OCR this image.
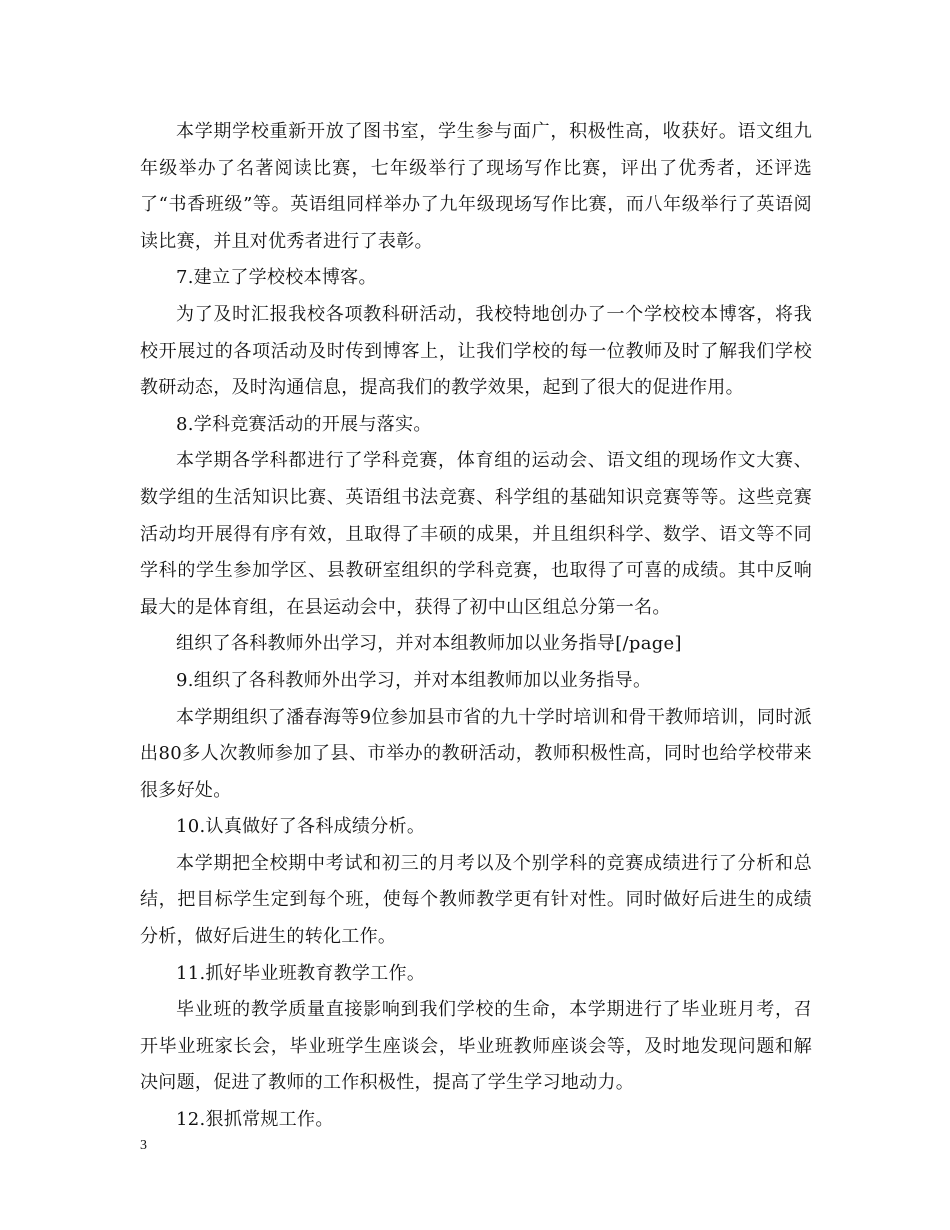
本学期学校重新开放了图书室，学生参与面广，积极性高，收获好。语文组九年级举办了名著阅读比赛，七年级举行了现场写作比赛，评出了优秀者，还评选了“书香班级”等。英语组同样举办了九年级现场写作比赛，而八年级举行了英语阅读比赛，并且对优秀者进行了表彰。

7.建立了学校校本博客。

为了及时汇报我校各项教科研活动，我校特地创办了一个学校校本博客，将我校开展过的各项活动及时传到博客上，让我们学校的每一位教师及时了解我们学校教研动态，及时沟通信息，提高我们的教学效果，起到了很大的促进作用。

8.学科竞赛活动的开展与落实。

本学期各学科都进行了学科竞赛，体育组的运动会、语文组的现场作文大赛、数学组的生活知识比赛、英语组书法竞赛、科学组的基础知识竞赛等等。这些竞赛活动均开展得有序有效，且取得了丰硕的成果，并且组织科学、数学、语文等不同学科的学生参加学区、县教研室组织的学科竞赛，也取得了可喜的成绩。其中反响最大的是体育组，在县运动会中，获得了初中山区组总分第一名。

组织了各科教师外出学习，并对本组教师加以业务指导[/page]

9.组织了各科教师外出学习，并对本组教师加以业务指导。

本学期组织了潘春海等9位参加县市省的九十学时培训和骨干教师培训，同时派出80多人次教师参加了县、市举办的教研活动，教师积极性高，同时也给学校带来很多好处。

10.认真做好了各科成绩分析。

本学期把全校期中考试和初三的月考以及个别学科的竞赛成绩进行了分析和总结，把目标学生定到每个班，使每个教师教学更有针对性。同时做好后进生的成绩分析，做好后进生的转化工作。

11.抓好毕业班教育教学工作。

毕业班的教学质量直接影响到我们学校的生命，本学期进行了毕业班月考，召开毕业班家长会，毕业班学生座谈会，毕业班教师座谈会等，及时地发现问题和解决问题，促进了教师的工作积极性，提高了学生学习地动力。

12.狠抓常规工作。

3
